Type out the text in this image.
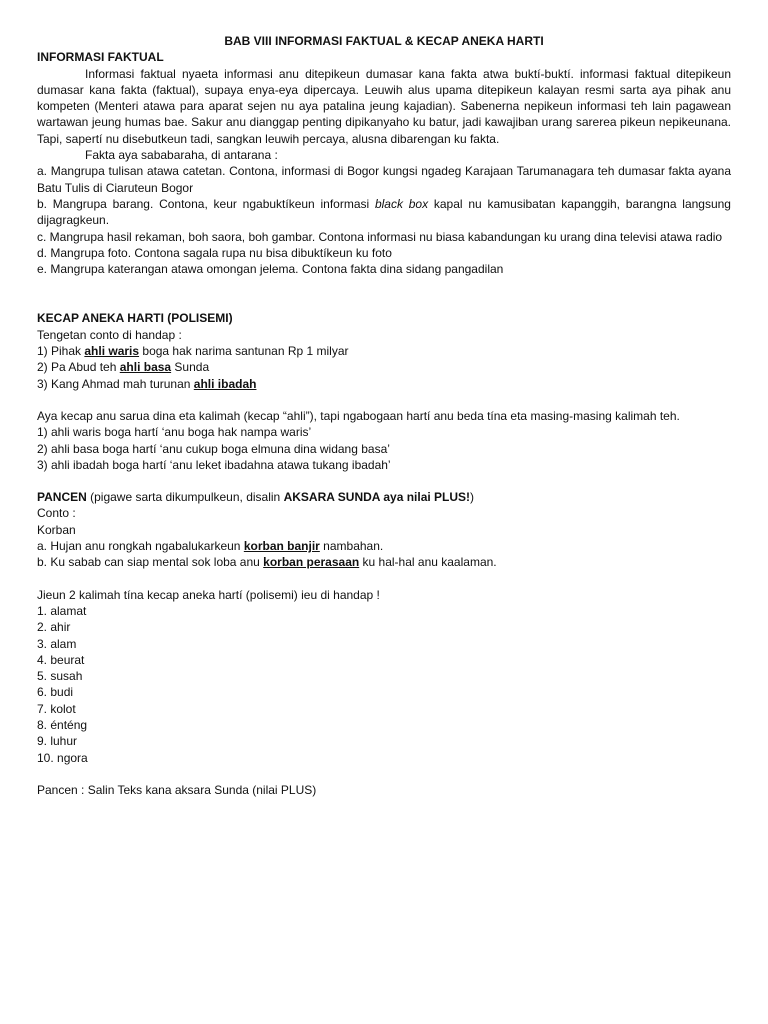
BAB VIII INFORMASI FAKTUAL & KECAP ANEKA HARTI

INFORMASI FAKTUAL

Informasi faktual nyaeta informasi anu ditepikeun dumasar kana fakta atwa buktí-buktí. informasi faktual ditepikeun dumasar kana fakta (faktual), supaya enya-eya dipercaya. Leuwih alus upama ditepikeun kalayan resmi sarta aya pihak anu kompeten (Menteri atawa para aparat sejen nu aya patalina jeung kajadian). Sabenerna nepikeun informasi teh lain pagawean wartawan jeung humas bae. Sakur anu dianggap penting dipikanyaho ku batur, jadi kawajiban urang sarerea pikeun nepikeunana. Tapi, sapertí nu disebutkeun tadi, sangkan leuwih percaya, alusna dibarengan ku fakta.

Fakta aya sababaraha, di antarana :

a. Mangrupa tulisan atawa catetan. Contona, informasi di Bogor kungsi ngadeg Karajaan Tarumanagara teh dumasar fakta ayana Batu Tulis di Ciaruteun Bogor

b. Mangrupa barang. Contona, keur ngabuktíkeun informasi black box kapal nu kamusibatan kapanggih, barangna langsung dijagragkeun.

c. Mangrupa hasil rekaman, boh saora, boh gambar. Contona informasi nu biasa kabandungan ku urang dina televisi atawa radio

d. Mangrupa foto. Contona sagala rupa nu bisa dibuktíkeun ku foto

e. Mangrupa katerangan atawa omongan jelema. Contona fakta dina sidang pangadilan

KECAP ANEKA HARTI (POLISEMI)

Tengetan conto di handap :

1) Pihak ahli waris boga hak narima santunan Rp 1 milyar

2) Pa Abud teh ahli basa Sunda

3) Kang Ahmad mah turunan ahli ibadah

Aya kecap anu sarua dina eta kalimah (kecap “ahli”), tapi ngabogaan hartí anu beda tína eta masing-masing kalimah teh.

1) ahli waris boga hartí ‘anu boga hak nampa waris’

2) ahli basa boga hartí ‘anu cukup boga elmuna dina widang basa’

3) ahli ibadah boga hartí ‘anu leket ibadahna atawa tukang ibadah’

PANCEN (pigawe sarta dikumpulkeun, disalin AKSARA SUNDA aya nilai PLUS!)

Conto :

Korban

a. Hujan anu rongkah ngabalukarkeun korban banjir nambahan.

b. Ku sabab can siap mental sok loba anu korban perasaan ku hal-hal anu kaalaman.

Jieun 2 kalimah tína kecap aneka hartí (polisemi) ieu di handap !

1. alamat

2. ahir

3. alam

4. beurat

5. susah

6. budi

7. kolot

8. énténg

9. luhur

10. ngora

Pancen : Salin Teks kana aksara Sunda (nilai PLUS)
